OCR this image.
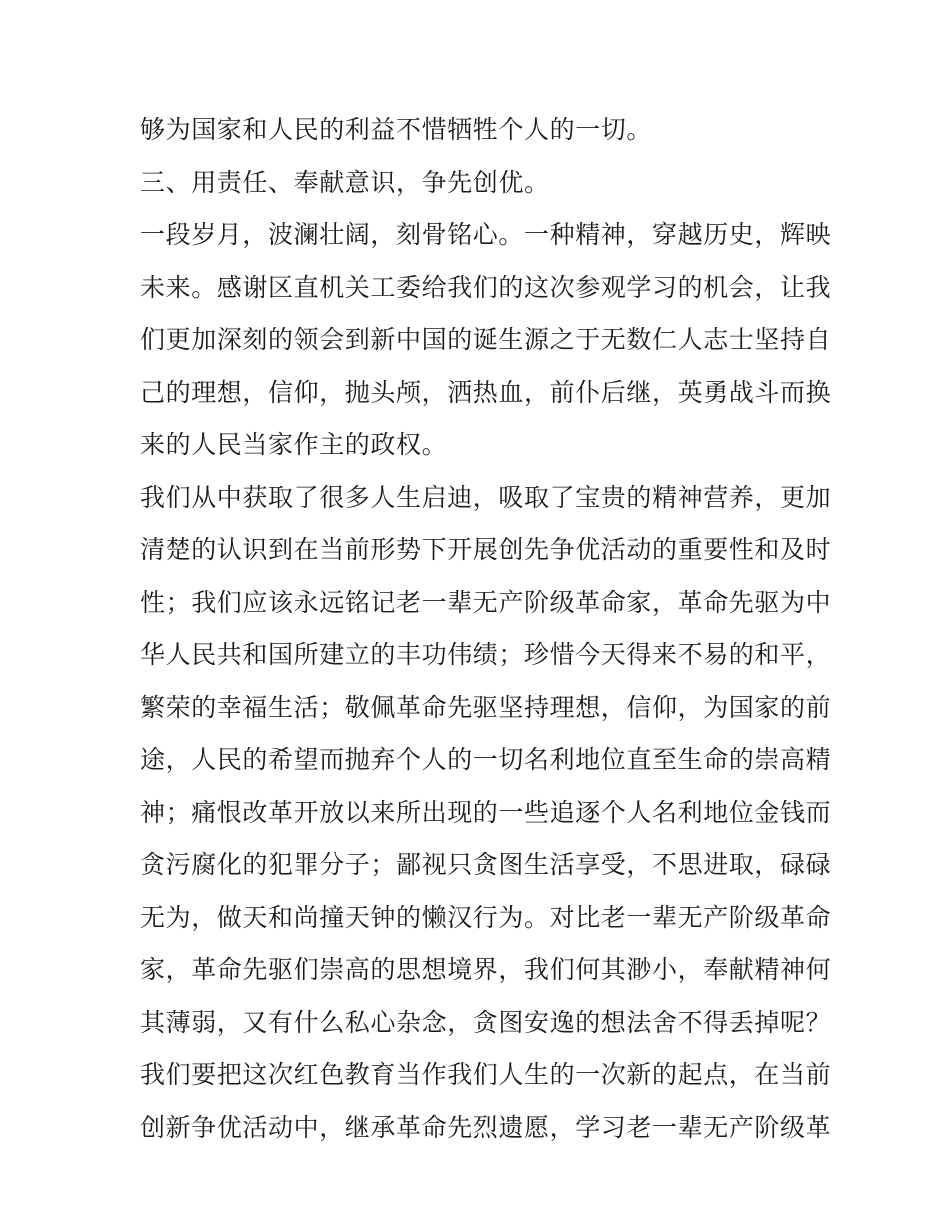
够为国家和人民的利益不惜牺牲个人的一切。
三、用责任、奉献意识，争先创优。
一段岁月，波澜壮阔，刻骨铭心。一种精神，穿越历史，辉映
未来。感谢区直机关工委给我们的这次参观学习的机会，让我
们更加深刻的领会到新中国的诞生源之于无数仁人志士坚持自
己的理想，信仰，抛头颅，洒热血，前仆后继，英勇战斗而换
来的人民当家作主的政权。
我们从中获取了很多人生启迪，吸取了宝贵的精神营养，更加
清楚的认识到在当前形势下开展创先争优活动的重要性和及时
性；我们应该永远铭记老一辈无产阶级革命家，革命先驱为中
华人民共和国所建立的丰功伟绩；珍惜今天得来不易的和平，
繁荣的幸福生活；敬佩革命先驱坚持理想，信仰，为国家的前
途，人民的希望而抛弃个人的一切名利地位直至生命的崇高精
神；痛恨改革开放以来所出现的一些追逐个人名利地位金钱而
贪污腐化的犯罪分子；鄙视只贪图生活享受，不思进取，碌碌
无为，做天和尚撞天钟的懒汉行为。对比老一辈无产阶级革命
家，革命先驱们崇高的思想境界，我们何其渺小，奉献精神何
其薄弱，又有什么私心杂念，贪图安逸的想法舍不得丢掉呢？
我们要把这次红色教育当作我们人生的一次新的起点，在当前
创新争优活动中，继承革命先烈遗愿，学习老一辈无产阶级革
